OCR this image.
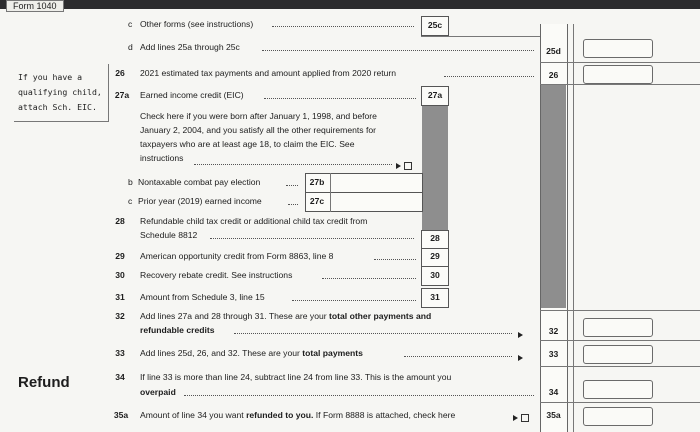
Form 1040
If you have a
qualifying child,
attach Sch. EIC.
Refund
c Other forms (see instructions)	25c
d Add lines 25a through 25c	25d
26	2021 estimated tax payments and amount applied from 2020 return	26
27a	Earned income credit (EIC)	27a
Check here if you were born after January 1, 1998, and before
January 2, 2004, and you satisfy all the other requirements for
taxpayers who are at least age 18, to claim the EIC. See
instructions
b Nontaxable combat pay election	27b
c Prior year (2019) earned income	27c
28	Refundable child tax credit or additional child tax credit from
Schedule 8812	28
29	American opportunity credit from Form 8863, line 8	29
30	Recovery rebate credit. See instructions	30
31	Amount from Schedule 3, line 15	31
32	Add lines 27a and 28 through 31. These are your total other payments and
refundable credits	32
33	Add lines 25d, 26, and 32. These are your total payments	33
34	If line 33 is more than line 24, subtract line 24 from line 33. This is the amount you
overpaid	34
35a	Amount of line 34 you want refunded to you. If Form 8888 is attached, check here	35a
